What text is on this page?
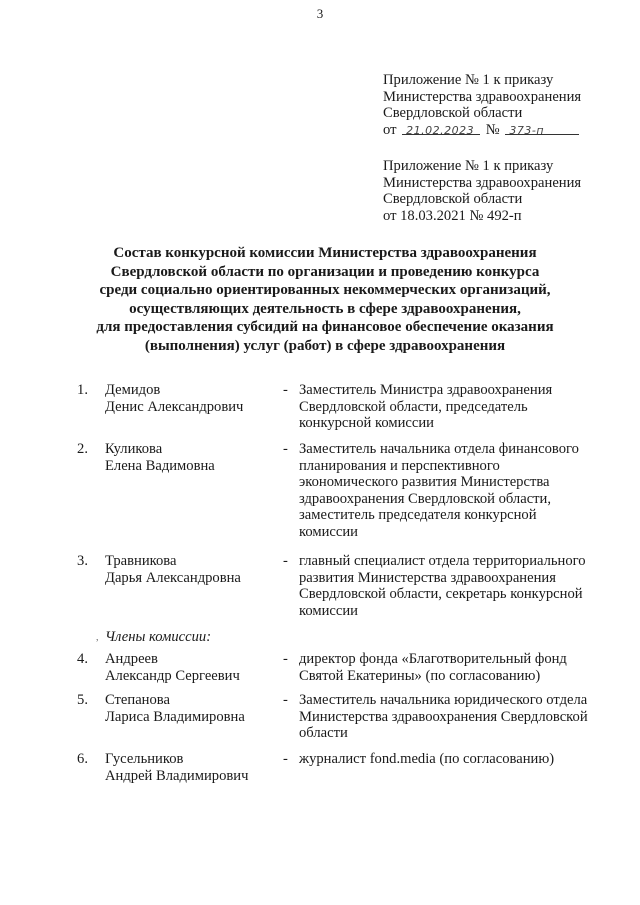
3
Приложение № 1 к приказу
Министерства здравоохранения
Свердловской области
от 21.02.2023 № 373-п
Приложение № 1 к приказу
Министерства здравоохранения
Свердловской области
от 18.03.2021 № 492-п
Состав конкурсной комиссии Министерства здравоохранения
Свердловской области по организации и проведению конкурса
среди социально ориентированных некоммерческих организаций,
осуществляющих деятельность в сфере здравоохранения,
для предоставления субсидий на финансовое обеспечение оказания
(выполнения) услуг (работ) в сфере здравоохранения
1. Демидов
Денис Александрович
- Заместитель Министра здравоохранения
Свердловской области, председатель
конкурсной комиссии
2. Куликова
Елена Вадимовна
- Заместитель начальника отдела финансового
планирования и перспективного
экономического развития Министерства
здравоохранения Свердловской области,
заместитель председателя конкурсной
комиссии
3. Травникова
Дарья Александровна
- главный специалист отдела территориального
развития Министерства здравоохранения
Свердловской области, секретарь конкурсной
комиссии
, Члены комиссии:
4. Андреев
Александр Сергеевич
- директор фонда «Благотворительный фонд
Святой Екатерины» (по согласованию)
5. Степанова
Лариса Владимировна
- Заместитель начальника юридического отдела
Министерства здравоохранения Свердловской
области
6. Гусельников
Андрей Владимирович
- журналист fond.media (по согласованию)
